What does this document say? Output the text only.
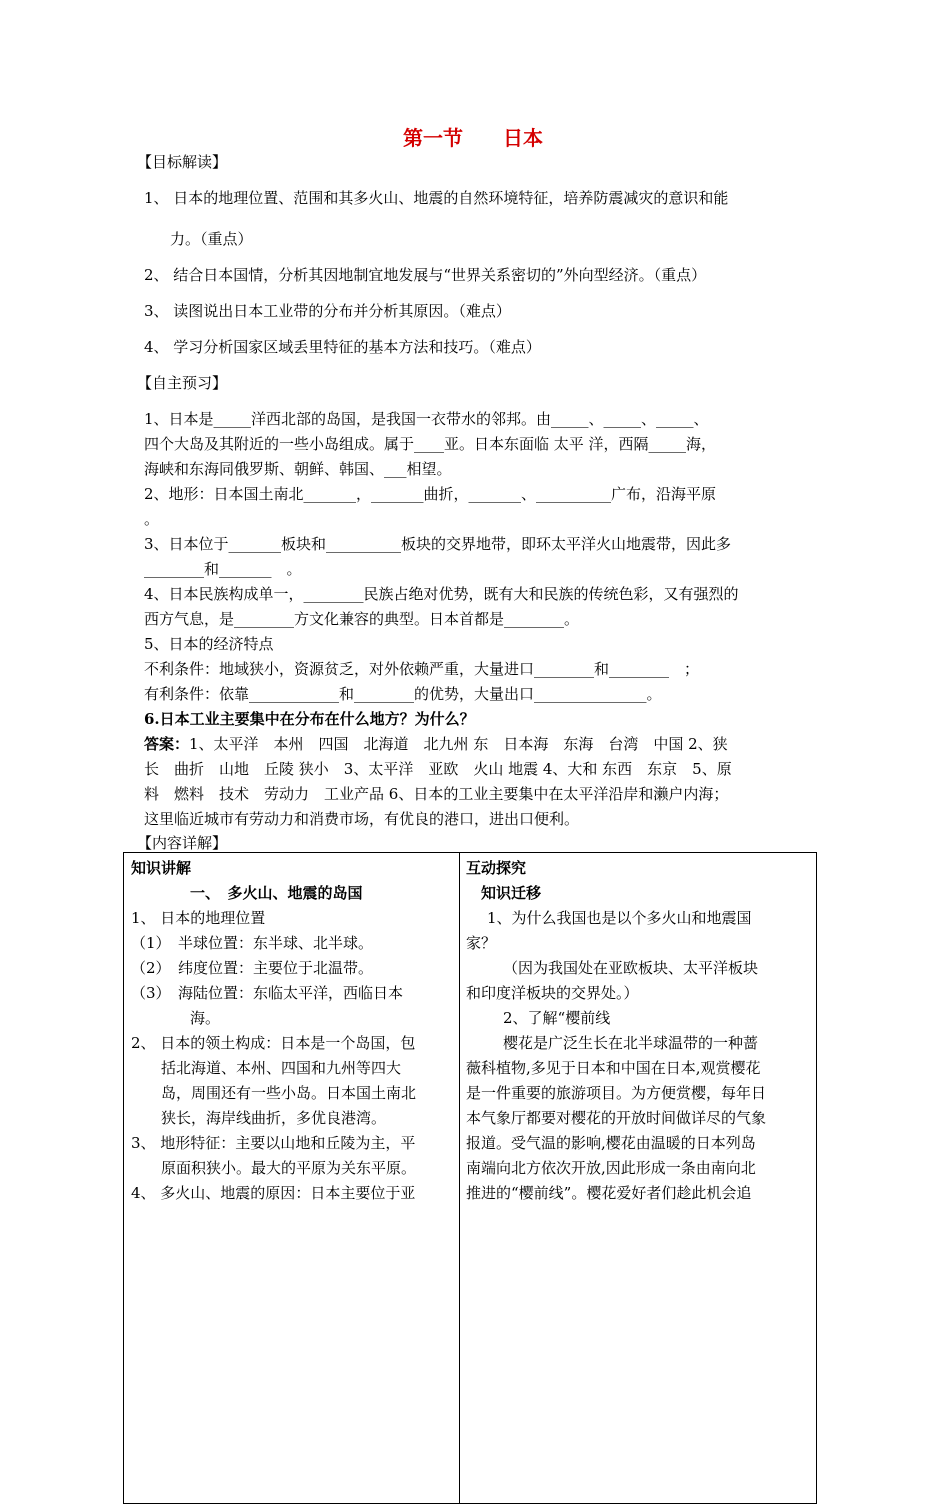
第一节　　日本
【目标解读】
1、 日本的地理位置、范围和其多火山、地震的自然环境特征，培养防震减灾的意识和能
力。（重点）
2、 结合日本国情，分析其因地制宜地发展与“世界关系密切的”外向型经济。（重点）
3、 读图说出日本工业带的分布并分析其原因。（难点）
4、 学习分析国家区域丢里特征的基本方法和技巧。（难点）
【自主预习】
1、日本是_____洋西北部的岛国，是我国一衣带水的邻邦。由_____、_____、_____、
四个大岛及其附近的一些小岛组成。属于____亚。日本东面临 太平 洋，西隔_____海，
海峡和东海同俄罗斯、朝鲜、韩国、___相望。
2、地形：日本国土南北_______，_______曲折，_______、__________广布，沿海平原
。
3、日本位于_______板块和__________板块的交界地带，即环太平洋火山地震带，因此多
________和_______　。
4、日本民族构成单一，________民族占绝对优势，既有大和民族的传统色彩，又有强烈的
西方气息，是________方文化兼容的典型。日本首都是________。
5、日本的经济特点
不利条件：地域狭小，资源贫乏，对外依赖严重，大量进口________和________　；
有利条件：依靠____________和________的优势，大量出口_______________。
6.日本工业主要集中在分布在什么地方？为什么？
答案：1、太平洋　本州　四国　北海道　北九州 东　日本海　东海　台湾　中国 2、狭
长　曲折　山地　丘陵 狭小　3、太平洋　亚欧　火山 地震 4、大和 东西　东京　5、原
料　燃料　技术　劳动力　工业产品 6、日本的工业主要集中在太平洋沿岸和濑户内海；
这里临近城市有劳动力和消费市场，有优良的港口，进出口便利。
【内容详解】
知识讲解
一、　多火山、地震的岛国
1、 日本的地理位置
（1）　半球位置：东半球、北半球。
（2）　纬度位置：主要位于北温带。
（3）　海陆位置：东临太平洋，西临日本
海。
2、 日本的领土构成：日本是一个岛国，包
括北海道、本州、四国和九州等四大
岛，周围还有一些小岛。日本国土南北
狭长，海岸线曲折，多优良港湾。
3、 地形特征：主要以山地和丘陵为主，平
原面积狭小。最大的平原为关东平原。
4、 多火山、地震的原因：日本主要位于亚

互动探究
知识迁移
1、为什么我国也是以个多火山和地震国
家？
（因为我国处在亚欧板块、太平洋板块
和印度洋板块的交界处。）
2、了解“樱前线
樱花是广泛生长在北半球温带的一种蔷
薇科植物,多见于日本和中国在日本,观赏樱花
是一件重要的旅游项目。为方便赏樱，每年日
本气象厅都要对樱花的开放时间做详尽的气象
报道。受气温的影响,樱花由温暖的日本列岛
南端向北方依次开放,因此形成一条由南向北
推进的“樱前线”。樱花爱好者们趁此机会追
